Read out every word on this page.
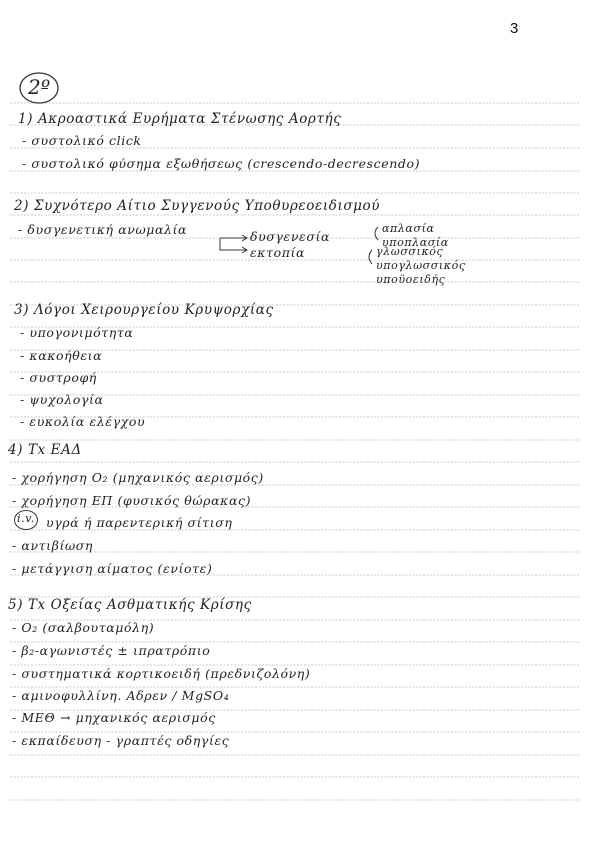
3
2º
1) Ακροαστικά Ευρήματα Στένωσης Αορτής
- συστολικό click
- συστολικό φύσημα εξωθήσεως (crescendo-decrescendo)
2) Συχνότερο Αίτιο Συγγενούς Υποθυρεοειδισμού
- δυσγενετική ανωμαλία	δυσγενεσία
εκτοπία
απλασία
υποπλασία
γλωσσικός
υπογλωσσικός
υποϋοειδής
3) Λόγοι Χειρουργείου Κρυψορχίας
- υπογονιμότητα
- κακοήθεια
- συστροφή
- ψυχολογία
- ευκολία ελέγχου
4) Tx ΕΑΔ
- χορήγηση O₂ (μηχανικός αερισμός)
- χορήγηση ΕΠ (φυσικός θώρακας)
i.v. υγρά ή παρεντερική σίτιση
- αντιβίωση
- μετάγγιση αίματος (ενίοτε)
5) Tx Οξείας Ασθματικής Κρίσης
- O₂ (σαλβουταμόλη)
- β₂-αγωνιστές ± ιπρατρόπιο
- συστηματικά κορτικοειδή (πρεδνιζολόνη)
- αμινοφυλλίνη. Αδρεν / MgSO₄
- ΜΕΘ → μηχανικός αερισμός
- εκπαίδευση - γραπτές οδηγίες
